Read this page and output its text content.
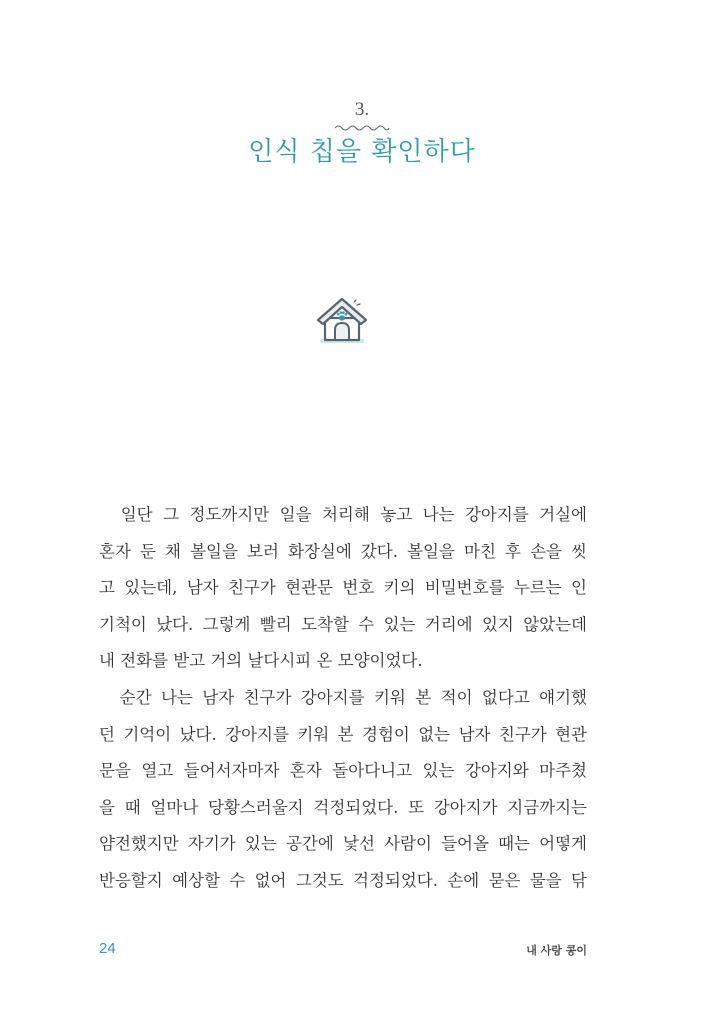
3.
인식 칩을 확인하다
　일단 그 정도까지만 일을 처리해 놓고 나는 강아지를 거실에
혼자 둔 채 볼일을 보러 화장실에 갔다. 볼일을 마친 후 손을 씻
고 있는데, 남자 친구가 현관문 번호 키의 비밀번호를 누르는 인
기척이 났다. 그렇게 빨리 도착할 수 있는 거리에 있지 않았는데
내 전화를 받고 거의 날다시피 온 모양이었다.
　순간 나는 남자 친구가 강아지를 키워 본 적이 없다고 얘기했
던 기억이 났다. 강아지를 키워 본 경험이 없는 남자 친구가 현관
문을 열고 들어서자마자 혼자 돌아다니고 있는 강아지와 마주쳤
을 때 얼마나 당황스러울지 걱정되었다. 또 강아지가 지금까지는
얌전했지만 자기가 있는 공간에 낯선 사람이 들어올 때는 어떻게
반응할지 예상할 수 없어 그것도 걱정되었다. 손에 묻은 물을 닦
24	내 사랑 콩이
